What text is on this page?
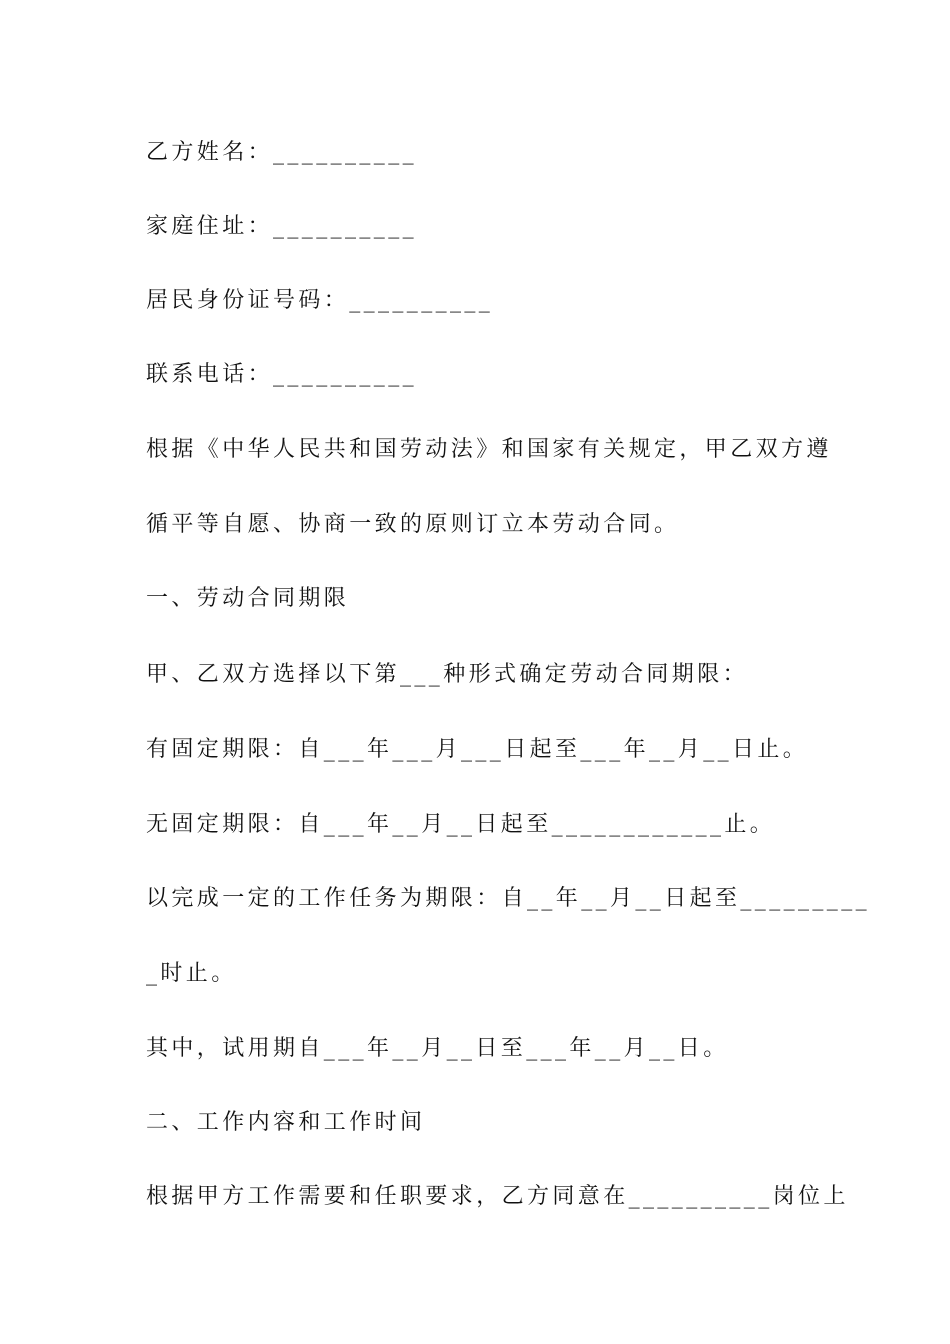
乙方姓名：__________
家庭住址：__________
居民身份证号码：__________
联系电话：__________
根据《中华人民共和国劳动法》和国家有关规定，甲乙双方遵
循平等自愿、协商一致的原则订立本劳动合同。
一、劳动合同期限
甲、乙双方选择以下第___种形式确定劳动合同期限：
有固定期限：自___年___月___日起至___年__月__日止。
无固定期限：自___年__月__日起至____________止。
以完成一定的工作任务为期限：自__年__月__日起至_________
_时止。
其中，试用期自___年__月__日至___年__月__日。
二、工作内容和工作时间
根据甲方工作需要和任职要求，乙方同意在__________岗位上
